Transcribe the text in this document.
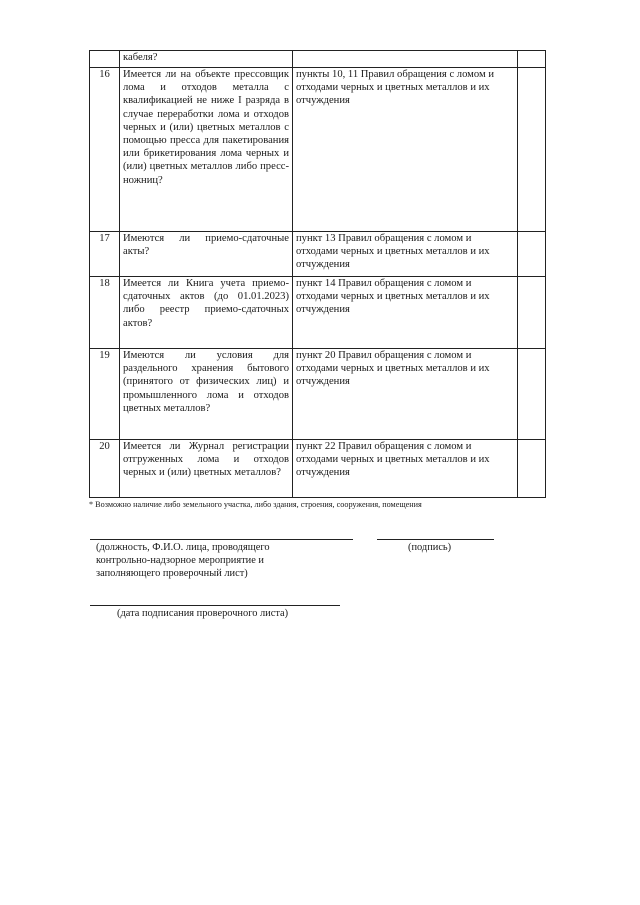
	кабеля?		
16	Имеется ли на объекте прессовщик лома и отходов металла с квалификацией не ниже I разряда в случае переработки лома и отходов черных и (или) цветных металлов с помощью пресса для пакетирования или брикетирования лома черных и (или) цветных металлов либо пресс-ножниц?	пункты 10, 11 Правил обращения с ломом и отходами черных и цветных металлов и их отчуждения	
17	Имеются ли приемо-сдаточные акты?	пункт 13 Правил обращения с ломом и отходами черных и цветных металлов и их отчуждения	
18	Имеется ли Книга учета приемо-сдаточных актов (до 01.01.2023) либо реестр приемо-сдаточных актов?	пункт 14 Правил обращения с ломом и отходами черных и цветных металлов и их отчуждения	
19	Имеются ли условия для раздельного хранения бытового (принятого от физических лиц) и промышленного лома и отходов цветных металлов?	пункт 20 Правил обращения с ломом и отходами черных и цветных металлов и их отчуждения	
20	Имеется ли Журнал регистрации отгруженных лома и отходов черных и (или) цветных металлов?	пункт 22 Правил обращения с ломом и отходами черных и цветных металлов и их отчуждения	
* Возможно наличие либо земельного участка, либо здания, строения, сооружения, помещения
(должность, Ф.И.О. лица, проводящего
контрольно-надзорное мероприятие и
заполняющего проверочный лист)
(подпись)
(дата подписания проверочного листа)
